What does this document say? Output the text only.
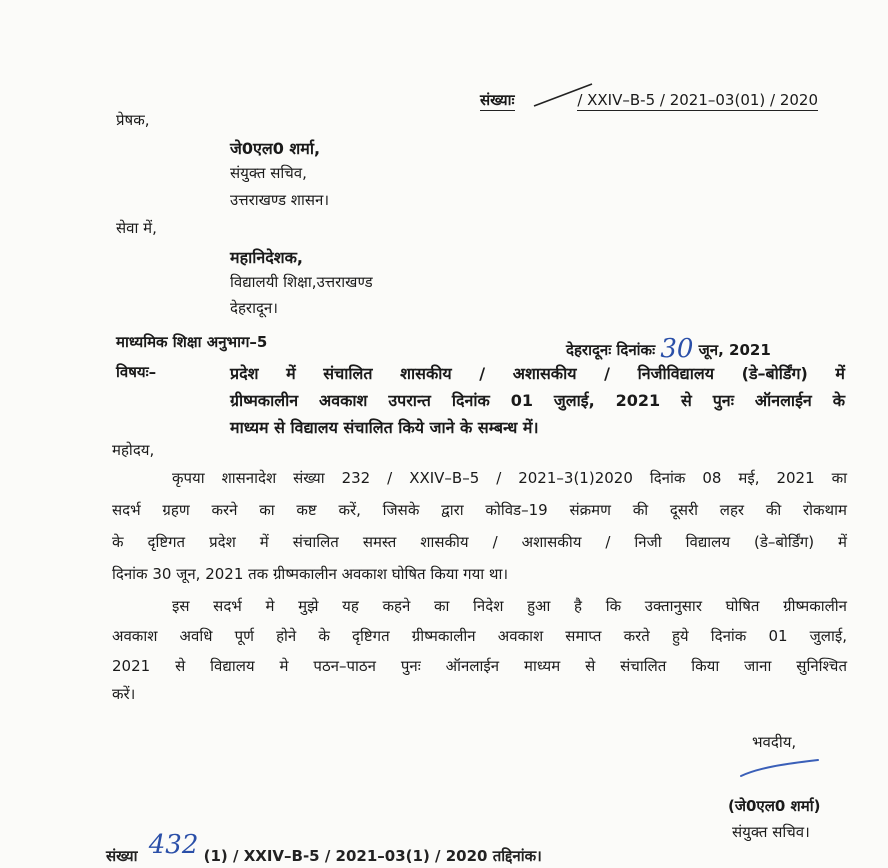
संख्याः	/ XXIV–B-5 / 2021–03(01) / 2020
प्रेषक,
जे0एल0 शर्मा,
संयुक्त सचिव,
उत्तराखण्ड शासन।
सेवा में,
महानिदेशक,
विद्यालयी शिक्षा,उत्तराखण्ड
देहरादून।
माध्यमिक शिक्षा अनुभाग–5	देहरादूनः दिनांकः 30 जून, 2021
विषयः–	प्रदेश में संचालित शासकीय / अशासकीय / निजीविद्यालय (डे–बोर्डिंग) में
ग्रीष्मकालीन अवकाश उपरान्त दिनांक 01 जुलाई, 2021 से पुनः ऑनलाईन के
माध्यम से विद्यालय संचालित किये जाने के सम्बन्ध में।
महोदय,
कृपया शासनादेश संख्या 232 / XXIV–B–5 / 2021–3(1)2020 दिनांक 08 मई, 2021 का
सदर्भ ग्रहण करने का कष्ट करें, जिसके द्वारा कोविड–19 संक्रमण की दूसरी लहर की रोकथाम
के दृष्टिगत प्रदेश में संचालित समस्त शासकीय / अशासकीय / निजी विद्यालय (डे–बोर्डिंग) में
दिनांक 30 जून, 2021 तक ग्रीष्मकालीन अवकाश घोषित किया गया था।
इस सदर्भ मे मुझे यह कहने का निदेश हुआ है कि उक्तानुसार घोषित ग्रीष्मकालीन
अवकाश अवधि पूर्ण होने के दृष्टिगत ग्रीष्मकालीन अवकाश समाप्त करते हुये दिनांक 01 जुलाई,
2021 से विद्यालय मे पठन–पाठन पुनः ऑनलाईन माध्यम से संचालित किया जाना सुनिश्चित
करें।
भवदीय,
(जे0एल0 शर्मा)
संयुक्त सचिव।
संख्या 432 (1) / XXIV–B-5 / 2021–03(1) / 2020 तद्दिनांक।
